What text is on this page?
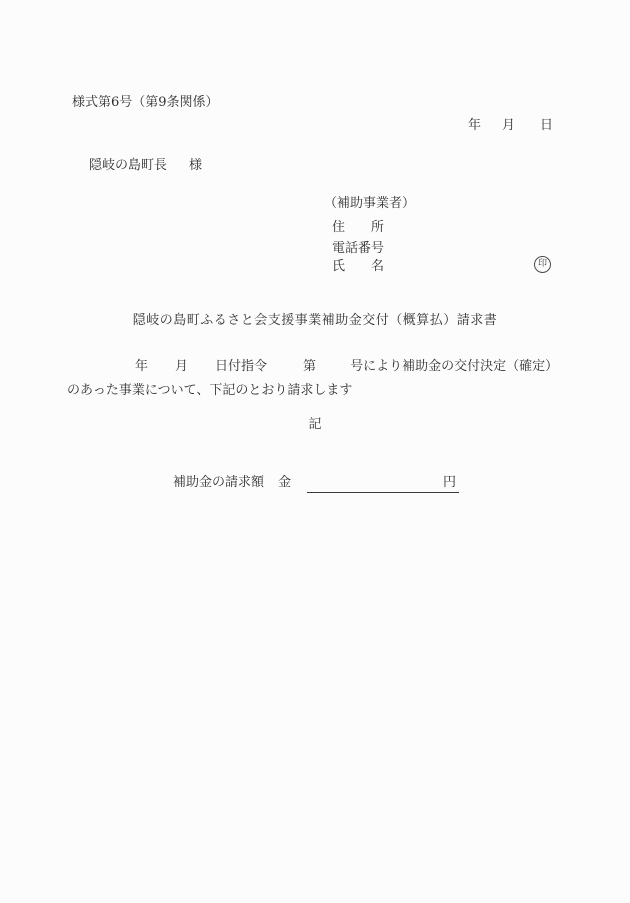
様式第6号（第9条関係）
年 月 日
隠岐の島町長 様
（補助事業者）
住 所
電話番号
氏 名	印
隠岐の島町ふるさと会支援事業補助金交付（概算払）請求書
年 月 日付指令	第	号により補助金の交付決定（確定）
のあった事業について、下記のとおり請求します
記
補助金の請求額 金	円
